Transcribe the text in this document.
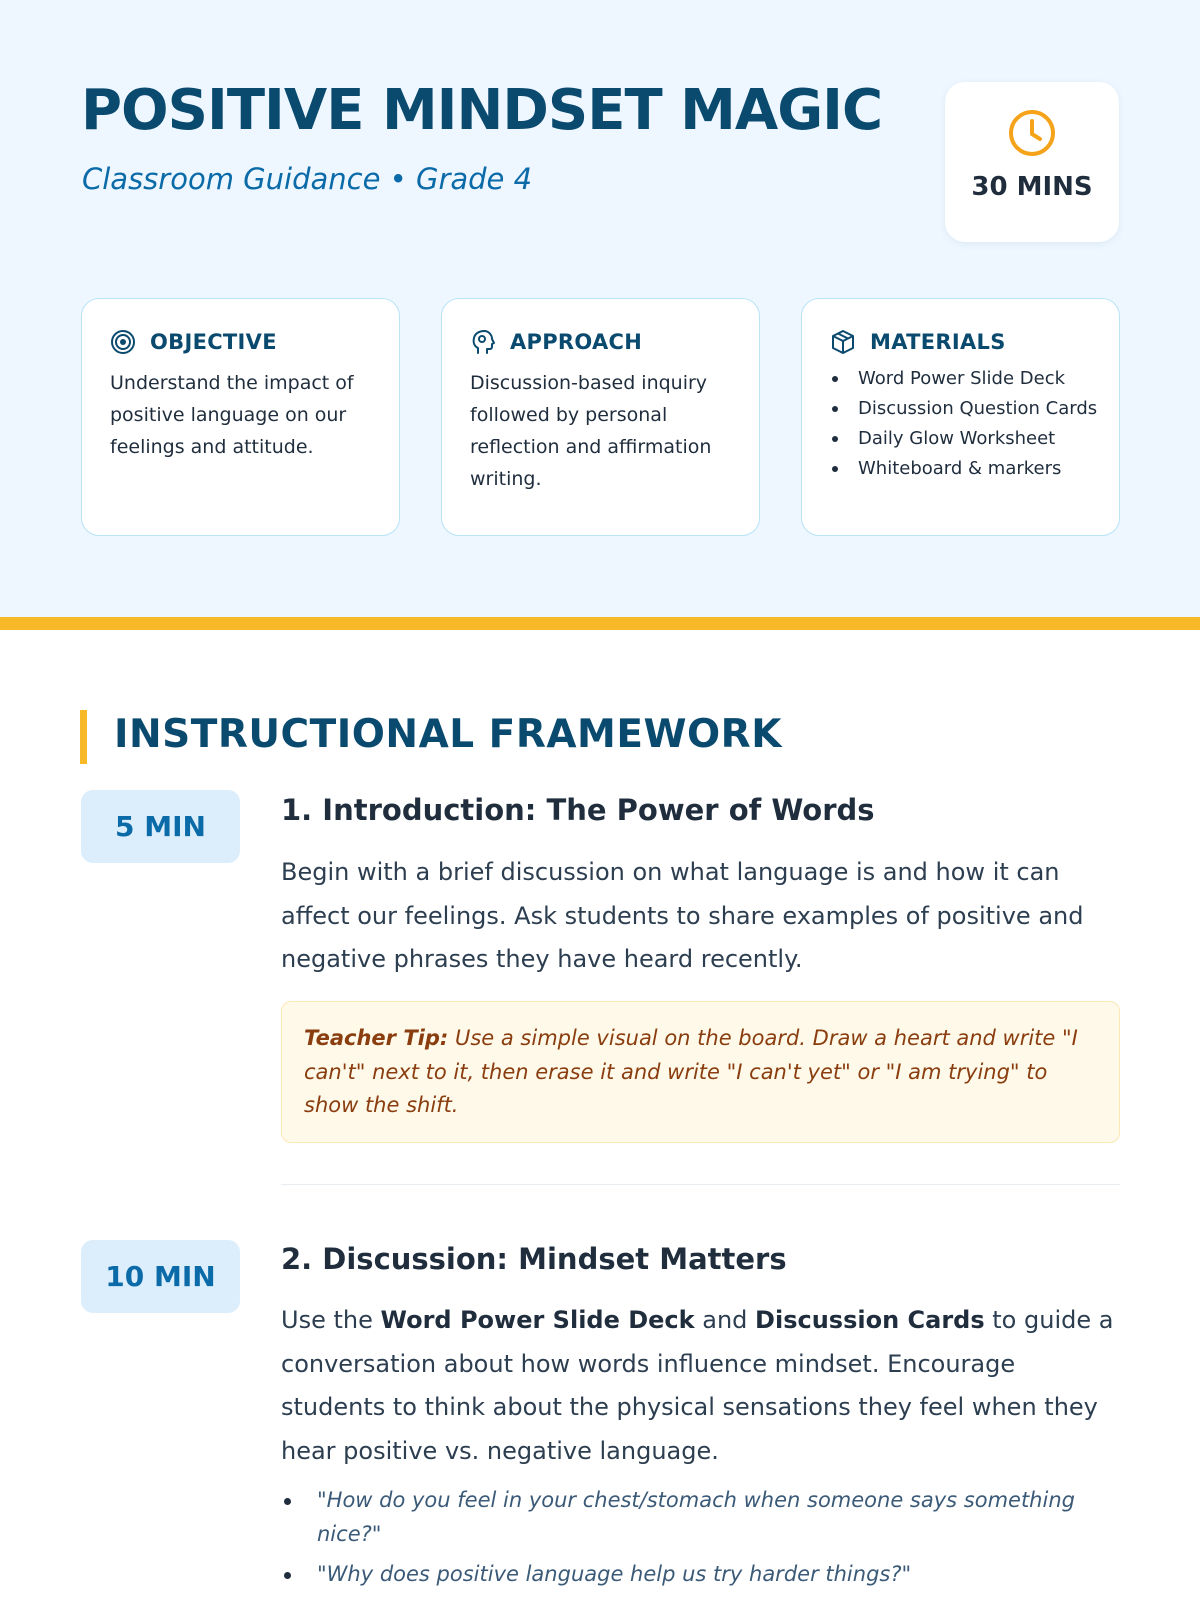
POSITIVE MINDSET MAGIC
Classroom Guidance • Grade 4	30 MINS
OBJECTIVE

Understand the impact of positive language on our feelings and attitude.

APPROACH

Discussion-based inquiry followed by personal reflection and affirmation writing.

MATERIALS
Word Power Slide Deck
Discussion Question Cards
Daily Glow Worksheet
Whiteboard & markers
INSTRUCTIONAL FRAMEWORK
5 MIN	1. Introduction: The Power of Words

Begin with a brief discussion on what language is and how it can affect our feelings. Ask students to share examples of positive and negative phrases they have heard recently.

Teacher Tip: Use a simple visual on the board. Draw a heart and write "I can't" next to it, then erase it and write "I can't yet" or "I am trying" to show the shift.

10 MIN
2. Discussion: Mindset Matters

Use the Word Power Slide Deck and Discussion Cards to guide a conversation about how words influence mindset. Encourage students to think about the physical sensations they feel when they hear positive vs. negative language.

"How do you feel in your chest/stomach when someone says something nice?"
"Why does positive language help us try harder things?"
